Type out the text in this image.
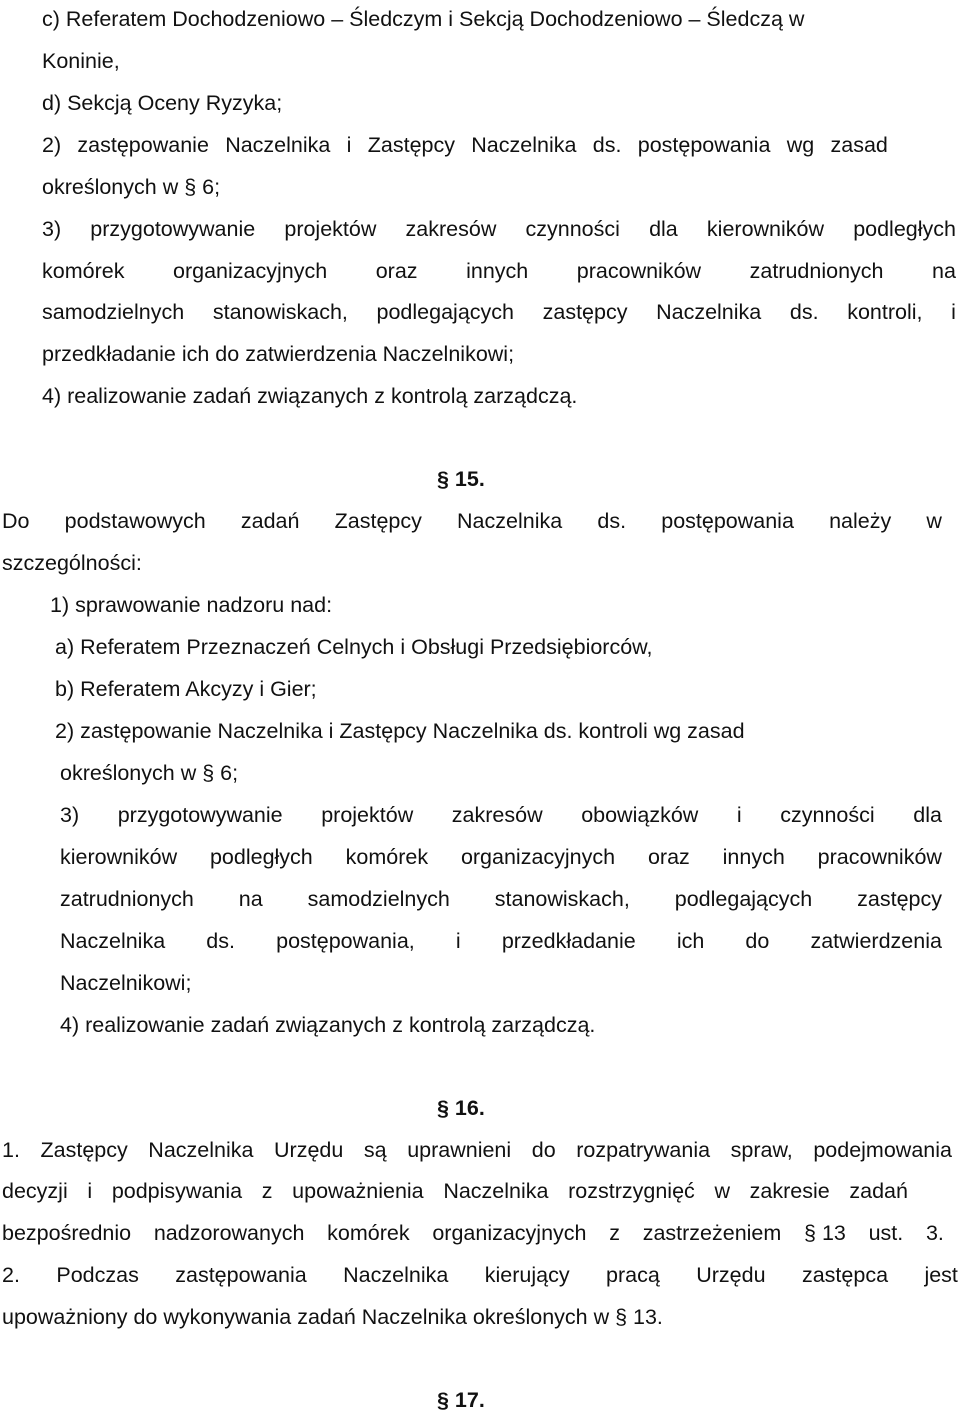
c) Referatem Dochodzeniowo – Śledczym i Sekcją Dochodzeniowo – Śledczą w
Koninie,
d) Sekcją Oceny Ryzyka;
2) zastępowanie Naczelnika i Zastępcy Naczelnika ds. postępowania wg zasad
określonych w § 6;
3) przygotowywanie projektów zakresów czynności dla kierowników podległych
komórek organizacyjnych oraz innych pracowników zatrudnionych na
samodzielnych stanowiskach, podlegających zastępcy Naczelnika ds. kontroli, i
przedkładanie ich do zatwierdzenia Naczelnikowi;
4) realizowanie zadań związanych z kontrolą zarządczą.
§ 15.
Do podstawowych zadań Zastępcy Naczelnika ds. postępowania należy w
szczególności:
1) sprawowanie nadzoru nad:
a) Referatem Przeznaczeń Celnych i Obsługi Przedsiębiorców,
b) Referatem Akcyzy i Gier;
2) zastępowanie Naczelnika i Zastępcy Naczelnika ds. kontroli wg zasad
określonych w § 6;
3) przygotowywanie projektów zakresów obowiązków i czynności dla
kierowników podległych komórek organizacyjnych oraz innych pracowników
zatrudnionych na samodzielnych stanowiskach, podlegających zastępcy
Naczelnika ds. postępowania, i przedkładanie ich do zatwierdzenia
Naczelnikowi;
4) realizowanie zadań związanych z kontrolą zarządczą.
§ 16.
1. Zastępcy Naczelnika Urzędu są uprawnieni do rozpatrywania spraw, podejmowania
decyzji i podpisywania z upoważnienia Naczelnika rozstrzygnięć w zakresie zadań
bezpośrednio nadzorowanych komórek organizacyjnych z zastrzeżeniem § 13 ust. 3.
2. Podczas zastępowania Naczelnika kierujący pracą Urzędu zastępca jest
upoważniony do wykonywania zadań Naczelnika określonych w § 13.
§ 17.
